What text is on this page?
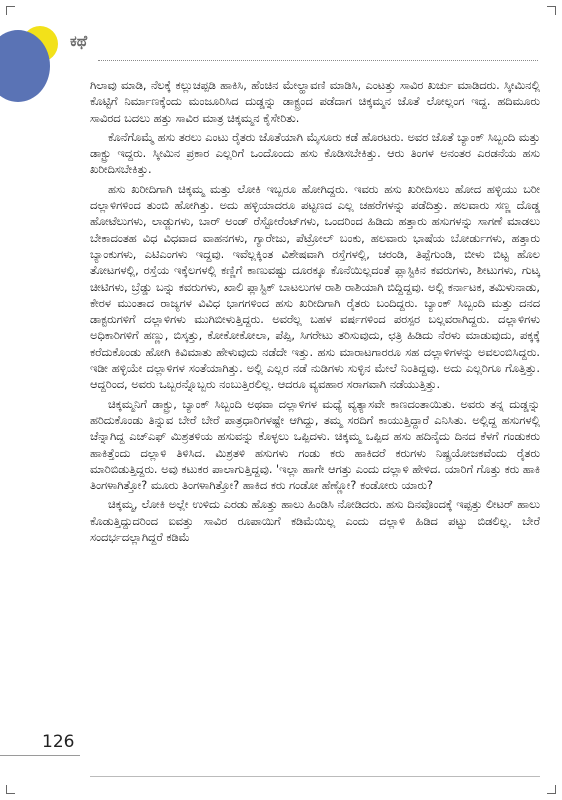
ಕಥೆ

ಗಿಲಾವು ಮಾಡಿ, ನೆಲಕ್ಕೆ ಕಲ್ಲುಚಪ್ಪಡಿ ಹಾಕಿಸಿ, ಹೆಂಚಿನ ಮೇಲ್ಹಾವಣಿ ಮಾಡಿಸಿ, ಎಂಟತ್ತು ಸಾವಿರ ಖರ್ಚು ಮಾಡಿದರು. ಸ್ಕೀಮಿನಲ್ಲಿ ಕೊಟ್ಟಿಗೆ ನಿರ್ಮಾಣಕ್ಕೆಂದು ಮಂಜೂರಿಸಿದ ದುಡ್ಡನ್ನು ಡಾಕ್ಟ್ರಂದ ಪಡೆದಾಗ ಚಿಕ್ಕಮ್ಮನ ಜೊತೆ ಲೋಲ್ಲಂಗ ಇದ್ದ. ಹದಿಮೂರು ಸಾವಿರದ ಬದಲು ಹತ್ತು ಸಾವಿರ ಮಾತ್ರ ಚಿಕ್ಕಮ್ಮನ ಕೈಸೇರಿತು.

ಕೊನೆಗೊಮ್ಮೆ ಹಸು ತರಲು ಎಂಟು ರೈತರು ಜೊತೆಯಾಗಿ ಮೈಸೂರು ಕಡೆ ಹೊರಟರು. ಅವರ ಜೊತೆ ಬ್ಯಾಂಕ್ ಸಿಬ್ಬಂದಿ ಮತ್ತು ಡಾಕ್ಟ್ರು ಇದ್ದರು. ಸ್ಕೀಮಿನ ಪ್ರಕಾರ ಎಲ್ಲರಿಗೆ ಒಂದೊಂದು ಹಸು ಕೊಡಿಸಬೇಕಿತ್ತು. ಆರು ತಿಂಗಳ ಅನಂತರ ಎರಡನೆಯ ಹಸು ಖರೀದಿಸಬೇಕಿತ್ತು.

ಹಸು ಖರೀದಿಗಾಗಿ ಚಿಕ್ಕಮ್ಮ ಮತ್ತು ಲೋಕಿ ಇಬ್ಬರೂ ಹೋಗಿದ್ದರು. ಇವರು ಹಸು ಖರೀದಿಸಲು ಹೋದ ಹಳ್ಳಿಯು ಬರೀ ದಲ್ಲಾಳಿಗಳಿಂದ ತುಂಬಿ ಹೋಗಿತ್ತು. ಅದು ಹಳ್ಳಿಯಾದರೂ ಪಟ್ಟಣದ ಎಲ್ಲ ಚಹರೆಗಳನ್ನು ಪಡೆದಿತ್ತು. ಹಲವಾರು ಸಣ್ಣ ದೊಡ್ಡ ಹೋಟೆಲುಗಳು, ಲಾಡ್ಜುಗಳು, ಬಾರ್ ಅಂಡ್ ರೆಸ್ಟೋರೆಂಟ್‌ಗಳು, ಒಂದರಿಂದ ಹಿಡಿದು ಹತ್ತಾರು ಹಸುಗಳನ್ನು ಸಾಗಣೆ ಮಾಡಲು ಬೇಕಾದಂತಹ ವಿಧ ವಿಧವಾದ ವಾಹನಗಳು, ಗ್ಯಾರೇಜು, ಪೆಟ್ರೋಲ್ ಬಂಕು, ಹಲವಾರು ಭಾಷೆಯ ಬೋರ್ಡುಗಳು, ಹತ್ತಾರು ಬ್ಯಾಂಕುಗಳು, ಎಟಿಎಂಗಳು ಇದ್ದವು. ಇವೆಲ್ಲಕ್ಕಿಂತ ವಿಶೇಷವಾಗಿ ರಸ್ತೆಗಳಲ್ಲಿ, ಚರಂಡಿ, ತಿಪ್ಪೆಗುಂಡಿ, ಬೀಳು ಬಿಟ್ಟ ಹೊಲ ತೋಟಗಳಲ್ಲಿ, ರಸ್ತೆಯ ಇಕ್ಕೆಲಗಳಲ್ಲಿ ಕಣ್ಣಿಗೆ ಕಾಣುವಷ್ಟು ದೂರಕ್ಕೂ ಕೊನೆಯಿಲ್ಲದಂತೆ ಪ್ಲಾಸ್ಟಿಕಿನ ಕವರುಗಳು, ಶೀಟುಗಳು, ಗುಟ್ಕ ಚೀಟಿಗಳು, ಬ್ರೆಡ್ಡು ಬನ್ನು ಕವರುಗಳು, ಖಾಲಿ ಪ್ಲಾಸ್ಟಿಕ್ ಬಾಟಲುಗಳ ರಾಶಿ ರಾಶಿಯಾಗಿ ಬಿದ್ದಿದ್ದವು. ಅಲ್ಲಿ ಕರ್ನಾಟಕ, ತಮಿಳುನಾಡು, ಕೇರಳ ಮುಂತಾದ ರಾಜ್ಯಗಳ ವಿವಿಧ ಭಾಗಗಳಿಂದ ಹಸು ಖರೀದಿಗಾಗಿ ರೈತರು ಬಂದಿದ್ದರು. ಬ್ಯಾಂಕ್ ಸಿಬ್ಬಂದಿ ಮತ್ತು ದನದ ಡಾಕ್ಟರುಗಳಿಗೆ ದಲ್ಲಾಳಿಗಳು ಮುಗಿಬೀಳುತ್ತಿದ್ದರು. ಅವರೆಲ್ಲ ಬಹಳ ವರ್ಷಗಳಿಂದ ಪರಸ್ಪರ ಬಲ್ಲವರಾಗಿದ್ದರು. ದಲ್ಲಾಳಿಗಳು ಅಧಿಕಾರಿಗಳಿಗೆ ಹಣ್ಣು, ಬಿಸ್ಕತ್ತು, ಕೋಕೋಕೋಲಾ, ಪೆಪ್ಸಿ, ಸಿಗರೇಟು ತರಿಸುವುದು, ಛತ್ರಿ ಹಿಡಿದು ನೆರಳು ಮಾಡುವುದು, ಪಕ್ಕಕ್ಕೆ ಕರೆದುಕೊಂಡು ಹೋಗಿ ಕಿವಿಮಾತು ಹೇಳುವುದು ನಡೆದೇ ಇತ್ತು. ಹಸು ಮಾರಾಟಗಾರರೂ ಸಹ ದಲ್ಲಾಳಿಗಳನ್ನು ಅವಲಂಬಿಸಿದ್ದರು. ಇಡೀ ಹಳ್ಳಿಯೇ ದಲ್ಲಾಳಿಗಳ ಸಂತೆಯಾಗಿತ್ತು. ಅಲ್ಲಿ ಎಲ್ಲರ ನಡೆ ನುಡಿಗಳು ಸುಳ್ಳಿನ ಮೇಲೆ ನಿಂತಿದ್ದವು. ಅದು ಎಲ್ಲರಿಗೂ ಗೊತ್ತಿತ್ತು. ಆದ್ದರಿಂದ, ಅವರು ಒಬ್ಬರನ್ನೊಬ್ಬರು ನಂಬುತ್ತಿರಲಿಲ್ಲ. ಆದರೂ ವ್ಯವಹಾರ ಸರಾಗವಾಗಿ ನಡೆಯುತ್ತಿತ್ತು.

ಚಿಕ್ಕಮ್ಮನಿಗೆ ಡಾಕ್ಟ್ರು, ಬ್ಯಾಂಕ್ ಸಿಬ್ಬಂದಿ ಅಥವಾ ದಲ್ಲಾಳಿಗಳ ಮಧ್ಯೆ ವ್ಯತ್ಯಾಸವೇ ಕಾಣದಂತಾಯಿತು. ಅವರು ತನ್ನ ದುಡ್ಡನ್ನು ಹರಿದುಕೊಂಡು ತಿನ್ನುವ ಬೇರೆ ಬೇರೆ ಪಾತ್ರಧಾರಿಗಳಷ್ಟೇ ಆಗಿದ್ದು, ತಮ್ಮ ಸರದಿಗೆ ಕಾಯುತ್ತಿದ್ದಾರೆ ಎನಿಸಿತು. ಅಲ್ಲಿದ್ದ ಹಸುಗಳಲ್ಲಿ ಚೆನ್ನಾಗಿದ್ದ ಎಚ್‌ಎಫ್ ಮಿಶ್ರತಳಿಯ ಹಸುವನ್ನು ಕೊಳ್ಳಲು ಒಪ್ಪಿದಳು. ಚಿಕ್ಕಮ್ಮ ಒಪ್ಪಿದ ಹಸು ಹದಿನೈದು ದಿನದ ಕೆಳಗೆ ಗಂಡುಕರು ಹಾಕಿತ್ತೆಂದು ದಲ್ಲಾಳಿ ತಿಳಿಸಿದ. ಮಿಶ್ರತಳಿ ಹಸುಗಳು ಗಂಡು ಕರು ಹಾಕಿದರೆ ಕರುಗಳು ನಿಷ್ಪ್ರಯೋಜಕವೆಂದು ರೈತರು ಮಾರಿಬಿಡುತ್ತಿದ್ದರು. ಅವು ಕಟುಕರ ಪಾಲಾಗುತ್ತಿದ್ದವು. 'ಇಲ್ಲಾ ಹಾಗೇ ಆಗತ್ತು ಎಂದು ದಲ್ಲಾಳಿ ಹೇಳಿದ. ಯಾರಿಗೆ ಗೊತ್ತು ಕರು ಹಾಕಿ ತಿಂಗಳಾಗಿತ್ತೋ? ಮೂರು ತಿಂಗಳಾಗಿತ್ತೋ? ಹಾಕಿದ ಕರು ಗಂಡೋ ಹೆಣ್ಣೋ? ಕಂಡೋರು ಯಾರು?

ಚಿಕ್ಕಮ್ಮ, ಲೋಕಿ ಅಲ್ಲೇ ಉಳಿದು ಎರಡು ಹೊತ್ತು ಹಾಲು ಹಿಂಡಿಸಿ ನೋಡಿದರು. ಹಸು ದಿನವೊಂದಕ್ಕೆ ಇಪ್ಪತ್ತು ಲೀಟರ್ ಹಾಲು ಕೊಡುತ್ತಿದ್ದುದರಿಂದ ಐವತ್ತು ಸಾವಿರ ರೂಪಾಯಿಗೆ ಕಡಿಮೆಯಿಲ್ಲ ಎಂದು ದಲ್ಲಾಳಿ ಹಿಡಿದ ಪಟ್ಟು ಬಿಡಲಿಲ್ಲ. ಬೇರೆ ಸಂದರ್ಭದಲ್ಲಾಗಿದ್ದರೆ ಕಡಿಮೆ

126
